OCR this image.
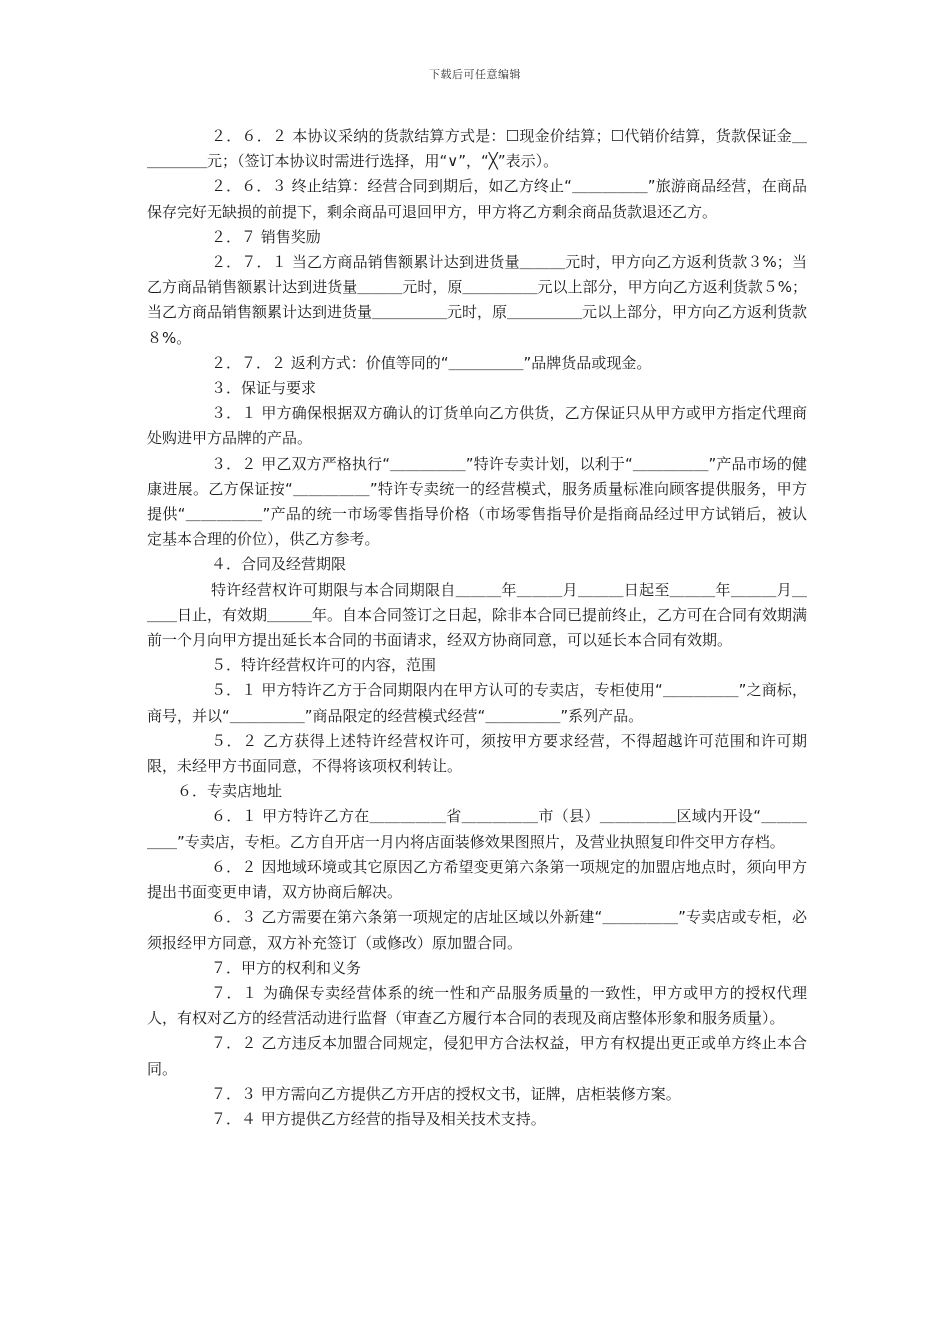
下载后可任意编辑

２．６．２ 本协议采纳的货款结算方式是：☐现金价结算；☐代销价结算，货款保证金＿＿＿＿＿元；（签订本协议时需进行选择，用“∨”，“╳”表示）。

２．６．３ 终止结算：经营合同到期后，如乙方终止“＿＿＿＿＿”旅游商品经营，在商品保存完好无缺损的前提下，剩余商品可退回甲方，甲方将乙方剩余商品货款退还乙方。

２．７ 销售奖励

２．７．１ 当乙方商品销售额累计达到进货量＿＿＿元时，甲方向乙方返利货款３%；当乙方商品销售额累计达到进货量＿＿＿元时，原＿＿＿＿＿元以上部分，甲方向乙方返利货款５%；当乙方商品销售额累计达到进货量＿＿＿＿＿元时，原＿＿＿＿＿元以上部分，甲方向乙方返利货款８%。

２．７．２ 返利方式：价值等同的“＿＿＿＿＿”品牌货品或现金。

３．保证与要求

３．１ 甲方确保根据双方确认的订货单向乙方供货，乙方保证只从甲方或甲方指定代理商处购进甲方品牌的产品。

３．２ 甲乙双方严格执行“＿＿＿＿＿”特许专卖计划，以利于“＿＿＿＿＿”产品市场的健康进展。乙方保证按“＿＿＿＿＿”特许专卖统一的经营模式，服务质量标准向顾客提供服务，甲方提供“＿＿＿＿＿”产品的统一市场零售指导价格（市场零售指导价是指商品经过甲方试销后，被认定基本合理的价位），供乙方参考。

４．合同及经营期限

特许经营权许可期限与本合同期限自＿＿＿年＿＿＿月＿＿＿日起至＿＿＿年＿＿＿月＿＿＿日止，有效期＿＿＿年。自本合同签订之日起，除非本合同已提前终止，乙方可在合同有效期满前一个月向甲方提出延长本合同的书面请求，经双方协商同意，可以延长本合同有效期。

５．特许经营权许可的内容，范围

５．１ 甲方特许乙方于合同期限内在甲方认可的专卖店，专柜使用“＿＿＿＿＿”之商标，商号，并以“＿＿＿＿＿”商品限定的经营模式经营“＿＿＿＿＿”系列产品。

５．２ 乙方获得上述特许经营权许可，须按甲方要求经营，不得超越许可范围和许可期限，未经甲方书面同意，不得将该项权利转让。

６．专卖店地址

６．１ 甲方特许乙方在＿＿＿＿＿省＿＿＿＿＿市（县）＿＿＿＿＿区域内开设“＿＿＿＿＿”专卖店，专柜。乙方自开店一月内将店面装修效果图照片，及营业执照复印件交甲方存档。

６．２ 因地域环境或其它原因乙方希望变更第六条第一项规定的加盟店地点时，须向甲方提出书面变更申请，双方协商后解决。

６．３ 乙方需要在第六条第一项规定的店址区域以外新建“＿＿＿＿＿”专卖店或专柜，必须报经甲方同意，双方补充签订（或修改）原加盟合同。

７．甲方的权利和义务

７．１ 为确保专卖经营体系的统一性和产品服务质量的一致性，甲方或甲方的授权代理人，有权对乙方的经营活动进行监督（审查乙方履行本合同的表现及商店整体形象和服务质量）。

７．２ 乙方违反本加盟合同规定，侵犯甲方合法权益，甲方有权提出更正或单方终止本合同。

７．３ 甲方需向乙方提供乙方开店的授权文书，证牌，店柜装修方案。

７．４ 甲方提供乙方经营的指导及相关技术支持。
